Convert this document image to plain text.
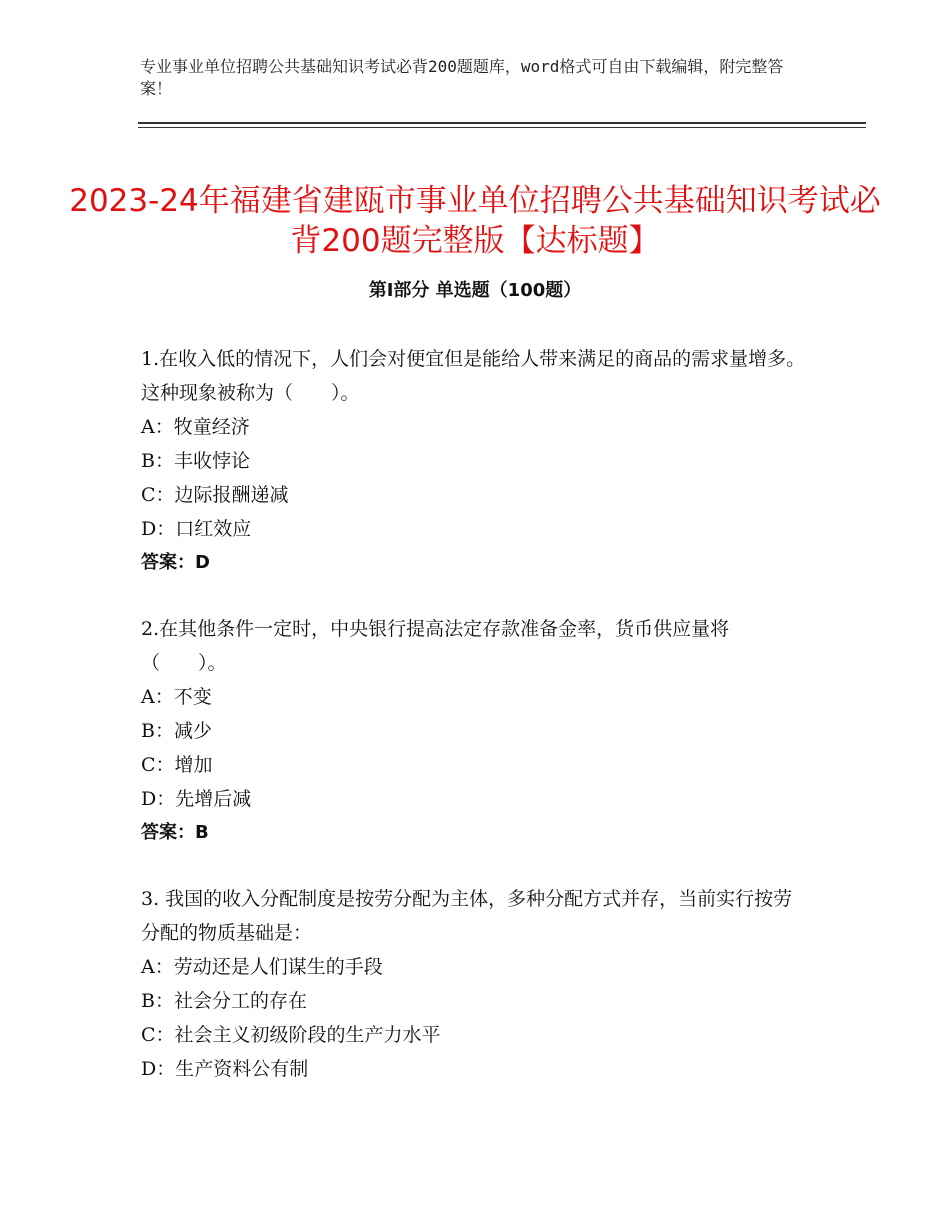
专业事业单位招聘公共基础知识考试必背200题题库，word格式可自由下载编辑，附完整答案！
2023-24年福建省建瓯市事业单位招聘公共基础知识考试必背200题完整版【达标题】
第Ⅰ部分 单选题（100题）

1.在收入低的情况下，人们会对便宜但是能给人带来满足的商品的需求量增多。这种现象被称为（　　）。

A：牧童经济

B：丰收悖论

C：边际报酬递减

D：口红效应

答案：D

2.在其他条件一定时，中央银行提高法定存款准备金率，货币供应量将（　　）。

A：不变

B：减少

C：增加

D：先增后减

答案：B

3. 我国的收入分配制度是按劳分配为主体，多种分配方式并存，当前实行按劳分配的物质基础是：

A：劳动还是人们谋生的手段

B：社会分工的存在

C：社会主义初级阶段的生产力水平

D：生产资料公有制
